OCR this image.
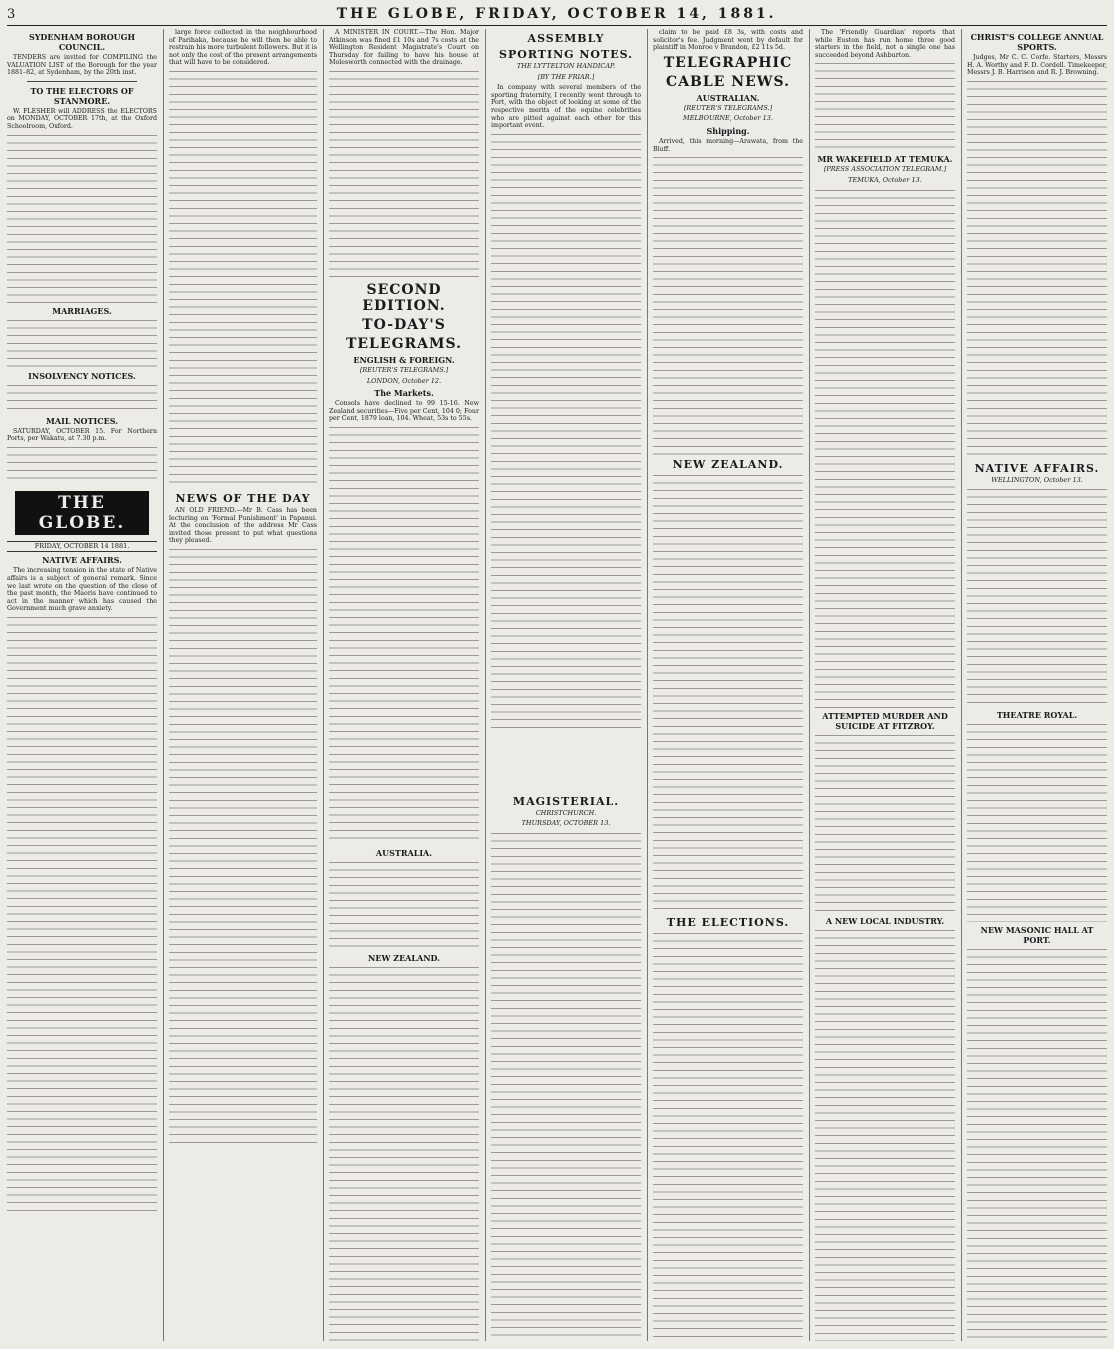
3	THE GLOBE, FRIDAY, OCTOBER 14, 1881.
SYDENHAM BOROUGH COUNCIL.
TENDERS are invited for COMPILING the VALUATION LIST of the Borough for the year 1881–82, at Sydenham, by the 20th inst.
TO THE ELECTORS OF STANMORE.
W. FLESHER will ADDRESS the ELECTORS on MONDAY, OCTOBER 17th, at the Oxford Schoolroom, Oxford.
MARRIAGES.
INSOLVENCY NOTICES.
MAIL NOTICES.
SATURDAY, OCTOBER 15. For Northern Ports, per Wakatu, at 7.30 p.m.
THE GLOBE.
FRIDAY, OCTOBER 14 1881.
NATIVE AFFAIRS.
The increasing tension in the state of Native affairs is a subject of general remark. Since we last wrote on the question of the close of the past month, the Maoris have continued to act in the manner which has caused the Government much grave anxiety.
large force collected in the neighbourhood of Parihaka, because he will then be able to restrain his more turbulent followers. But it is not only the cost of the present arrangements that will have to be considered.
NEWS OF THE DAY
AN OLD FRIEND.—Mr B. Cass has been lecturing on 'Formal Punishment' in Papanui. At the conclusion of the address Mr Cass invited those present to put what questions they pleased.
A MINISTER IN COURT.—The Hon. Major Atkinson was fined £1 10s and 7s costs at the Wellington Resident Magistrate's Court on Thursday for failing to have his house at Molesworth connected with the drainage.
SECOND EDITION.
TO-DAY'S
TELEGRAMS.
ENGLISH & FOREIGN.
[REUTER'S TELEGRAMS.]
LONDON, October 12.
The Markets.
Consols have declined to 99 15-16. New Zealand securities—Five per Cent, 104 0; Four per Cent, 1879 loan, 104. Wheat, 53s to 55s.
AUSTRALIA.
NEW ZEALAND.
ASSEMBLY
SPORTING NOTES.
THE LYTTELTON HANDICAP.
[BY THE FRIAR.]
In company with several members of the sporting fraternity, I recently went through to Port, with the object of looking at some of the respective merits of the equine celebrities who are pitted against each other for this important event.
MAGISTERIAL.
CHRISTCHURCH.
THURSDAY, OCTOBER 13.
claim to be paid £8 3s, with costs and solicitor's fee. Judgment went by default for plaintiff in Monroe v Brandon, £2 11s 5d.
TELEGRAPHIC
CABLE NEWS.
AUSTRALIAN.
[REUTER'S TELEGRAMS.]
MELBOURNE, October 13.
Shipping.
Arrived, this morning—Arawata, from the Bluff.
NEW ZEALAND.
THE ELECTIONS.
The 'Friendly Guardian' reports that while Euston has run home three good starters in the field, not a single one has succeeded beyond Ashburton.
MR WAKEFIELD AT TEMUKA.
[PRESS ASSOCIATION TELEGRAM.]
TEMUKA, October 13.
ATTEMPTED MURDER AND SUICIDE AT FITZROY.
A NEW LOCAL INDUSTRY.
CHRIST'S COLLEGE ANNUAL SPORTS.
Judges, Mr C. C. Corfe. Starters, Messrs H. A. Worthy and F. D. Cordell. Timekeeper, Messrs J. B. Harrison and R. J. Browning.
NATIVE AFFAIRS.
WELLINGTON, October 13.
THEATRE ROYAL.
NEW MASONIC HALL AT PORT.
